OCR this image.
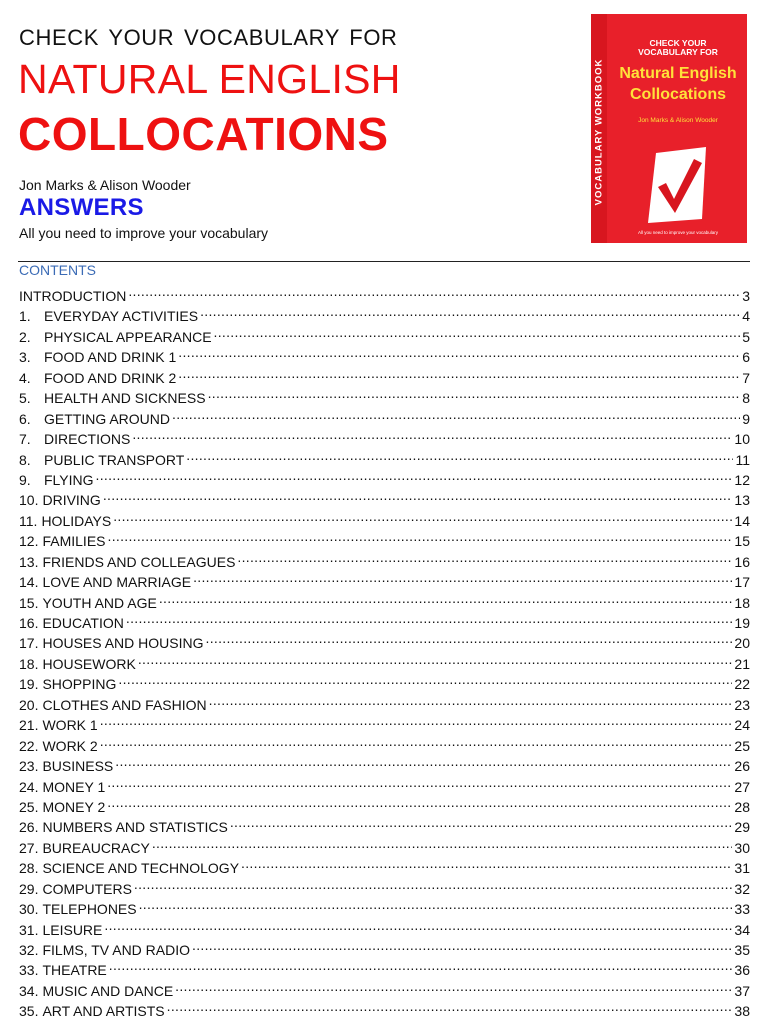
CHECK YOUR VOCABULARY FOR
NATURAL ENGLISH
COLLOCATIONS
Jon Marks & Alison Wooder
ANSWERS
All you need to improve your vocabulary
VOCABULARY WORKBOOK
CHECK YOUR
VOCABULARY FOR
Natural English
Collocations
Jon Marks & Alison Wooder
All you need to improve your vocabulary
CONTENTS
INTRODUCTION .....	3
1. EVERYDAY ACTIVITIES .....	4
2. PHYSICAL APPEARANCE .....	5
3. FOOD AND DRINK 1 .....	6
4. FOOD AND DRINK 2 .....	7
5. HEALTH AND SICKNESS .....	8
6. GETTING AROUND .....	9
7. DIRECTIONS .....	10
8. PUBLIC TRANSPORT .....	11
9. FLYING .....	12
10. DRIVING .....	13
11. HOLIDAYS .....	14
12. FAMILIES .....	15
13. FRIENDS AND COLLEAGUES .....	16
14. LOVE AND MARRIAGE .....	17
15. YOUTH AND AGE .....	18
16. EDUCATION .....	19
17. HOUSES AND HOUSING .....	20
18. HOUSEWORK .....	21
19. SHOPPING .....	22
20. CLOTHES AND FASHION .....	23
21. WORK 1 .....	24
22. WORK 2 .....	25
23. BUSINESS .....	26
24. MONEY 1 .....	27
25. MONEY 2 .....	28
26. NUMBERS AND STATISTICS .....	29
27. BUREAUCRACY .....	30
28. SCIENCE AND TECHNOLOGY .....	31
29. COMPUTERS .....	32
30. TELEPHONES .....	33
31. LEISURE .....	34
32. FILMS, TV AND RADIO .....	35
33. THEATRE .....	36
34. MUSIC AND DANCE .....	37
35. ART AND ARTISTS .....	38
